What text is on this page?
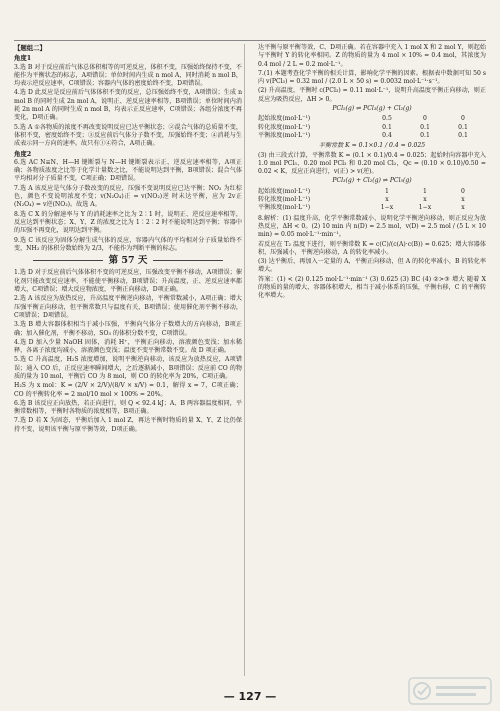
【题组二】
角度1

3.选 B 对于反应前后气体总体积相等的可逆反应，体积不变，压强始终保持不变，不能作为平衡状态的标志，A项错误；单位时间内生成 n mol A，同时消耗 n mol B，均表示逆反应速率，C项错误；容器内气体的密度始终不变，D项错误。

4.选 D 此反应是反应前后气体体积不变的反应，总压强始终不变，A项错误；生成 n mol B 的同时生成 2n mol A，说明正、逆反应速率相等，B项错误；单位时间内消耗 2n mol A 的同时生成 n mol B，均表示正反应速率，C项错误；各组分浓度不再变化，D项正确。

5.选 A ①各物质的浓度不再改变说明反应已达平衡状态；②混合气体的总质量不变，体积不变，密度始终不变；③反应前后气体分子数不变，压强始终不变；④消耗与生成表示同一方向的速率。故只有①④符合，A项正确。

角度2

6.选 AC N≡N、H—H 键断裂与 N—H 键断裂表示正、逆反应速率相等，A项正确；各物质浓度之比等于化学计量数之比，不能说明达到平衡，B项错误；混合气体平均相对分子质量不变，C项正确；D项错误。

7.选 A 该反应是气体分子数改变的反应，压强不变说明反应已达平衡；NO₂ 为红棕色，颜色不变说明浓度不变；v(N₂O₄)正 = v(NO₂)逆 时未达平衡，应为 2v正(N₂O₄) = v逆(NO₂)。故选 A。

8.选 C X 的分解速率与 Y 的消耗速率之比为 2∶1 时，说明正、逆反应速率相等，反应达到平衡状态；X、Y、Z 的浓度之比为 1∶2∶2 时不能说明达到平衡；容器中的压强不再变化，说明达到平衡。

9.选 C 该反应为固体分解生成气体的反应，容器内气体的平均相对分子质量始终不变，NH₃ 的体积分数始终为 2/3，不能作为判断平衡的标志。

第 57 天

1.选 D 对于反应前后气体体积不变的可逆反应，压强改变平衡不移动，A项错误；催化剂只能改变反应速率，不能使平衡移动，B项错误；升高温度，正、逆反应速率都增大，C项错误；增大反应物浓度，平衡正向移动，D项正确。

2.选 A 该反应为放热反应，升高温度平衡逆向移动，平衡常数减小，A项正确；增大压强平衡正向移动，但平衡常数只与温度有关，B项错误；使用催化剂平衡不移动，C项错误；D项错误。

3.选 B 增大容器体积相当于减小压强，平衡向气体分子数增大的方向移动，B项正确；加入催化剂，平衡不移动，SO₃ 的体积分数不变，C项错误。

4.选 D 加入少量 NaOH 固体，消耗 H⁺，平衡正向移动，溶液颜色变浅；加水稀释，各离子浓度均减小，溶液颜色变浅；温度不变平衡常数不变。故 D 项正确。

5.选 C 升高温度，H₂S 浓度增加，说明平衡逆向移动，该反应为放热反应，A项错误；通入 CO 后，正反应速率瞬间增大，之后逐渐减小，B项错误；反应前 CO 的物质的量为 10 mol，平衡后 CO 为 8 mol，则 CO 的转化率为 20%，C项正确。

H₂S 为 x mol：K = (2/V × 2/V)/(8/V × x/V) = 0.1，解得 x = 7，C项正确；CO 的平衡转化率 = 2 mol/10 mol × 100% = 20%。

6.选 B 该反应正向放热，若正向进行，则 Q < 92.4 kJ；A、B 两容器温度相同，平衡常数相等，平衡时各物质的浓度相等，B项正确。

7.选 D 若 X 为固态，平衡后加入 1 mol Z，再达平衡时物质的量 X、Y、Z 比仍保持不变，说明该平衡与原平衡等效，D项正确。

达平衡与原平衡等效，C、D项正确。若在容器中充入 1 mol X 和 2 mol Y，则起始与平衡时 Y 的转化率相同。Z 的物质的量为 4 mol × 10% = 0.4 mol，其浓度为 0.4 mol / 2 L = 0.2 mol·L⁻¹。

7.(1) 本题考查化学平衡的相关计算，影响化学平衡的因素。根据表中数据可知 50 s 内 v(PCl₃) = 0.32 mol / (2.0 L × 50 s) = 0.0032 mol·L⁻¹·s⁻¹。

(2) 升高温度，平衡时 c(PCl₃) = 0.11 mol·L⁻¹，说明升高温度平衡正向移动，则正反应为吸热反应，ΔH > 0。

PCl₅(g) ⇌ PCl₃(g) + Cl₂(g)
起始浓度(mol·L⁻¹)	0.5	0	0
转化浓度(mol·L⁻¹)	0.1	0.1	0.1
平衡浓度(mol·L⁻¹)	0.4	0.1	0.1
平衡常数 K = 0.1×0.1 / 0.4 = 0.025

(3) 由三段式计算，平衡常数 K = (0.1 × 0.1)/0.4 = 0.025；起始时向容器中充入 1.0 mol PCl₅、0.20 mol PCl₃ 和 0.20 mol Cl₂，Qc = (0.10 × 0.10)/0.50 = 0.02 < K，反应正向进行，v(正) > v(逆)。

PCl₃(g) + Cl₂(g) ⇌ PCl₅(g)
起始浓度(mol·L⁻¹)	1	1	0
转化浓度(mol·L⁻¹)	x	x	x
平衡浓度(mol·L⁻¹)	1−x	1−x	x

8.解析：(1) 温度升高，化学平衡常数减小，说明化学平衡逆向移动，则正反应为放热反应，ΔH < 0。(2) 10 min 内 n(D) = 2.5 mol，v(D) = 2.5 mol / (5 L × 10 min) = 0.05 mol·L⁻¹·min⁻¹。

若反应在 T₂ 温度下进行，则平衡常数 K = c(C)/(c(A)·c(B)) = 0.625；增大容器体积，压强减小，平衡逆向移动，A 的转化率减小。

(3) 达平衡后，再加入一定量的 A，平衡正向移动，但 A 的转化率减小，B 的转化率增大。

答案：(1) < (2) 0.125 mol·L⁻¹·min⁻¹ (3) 0.625 (3) BC (4) ②>③ 增大 随着 X 的物质的量的增大，容器体积增大，相当于减小体系的压强，平衡右移，C 的平衡转化率增大。

— 127 —
